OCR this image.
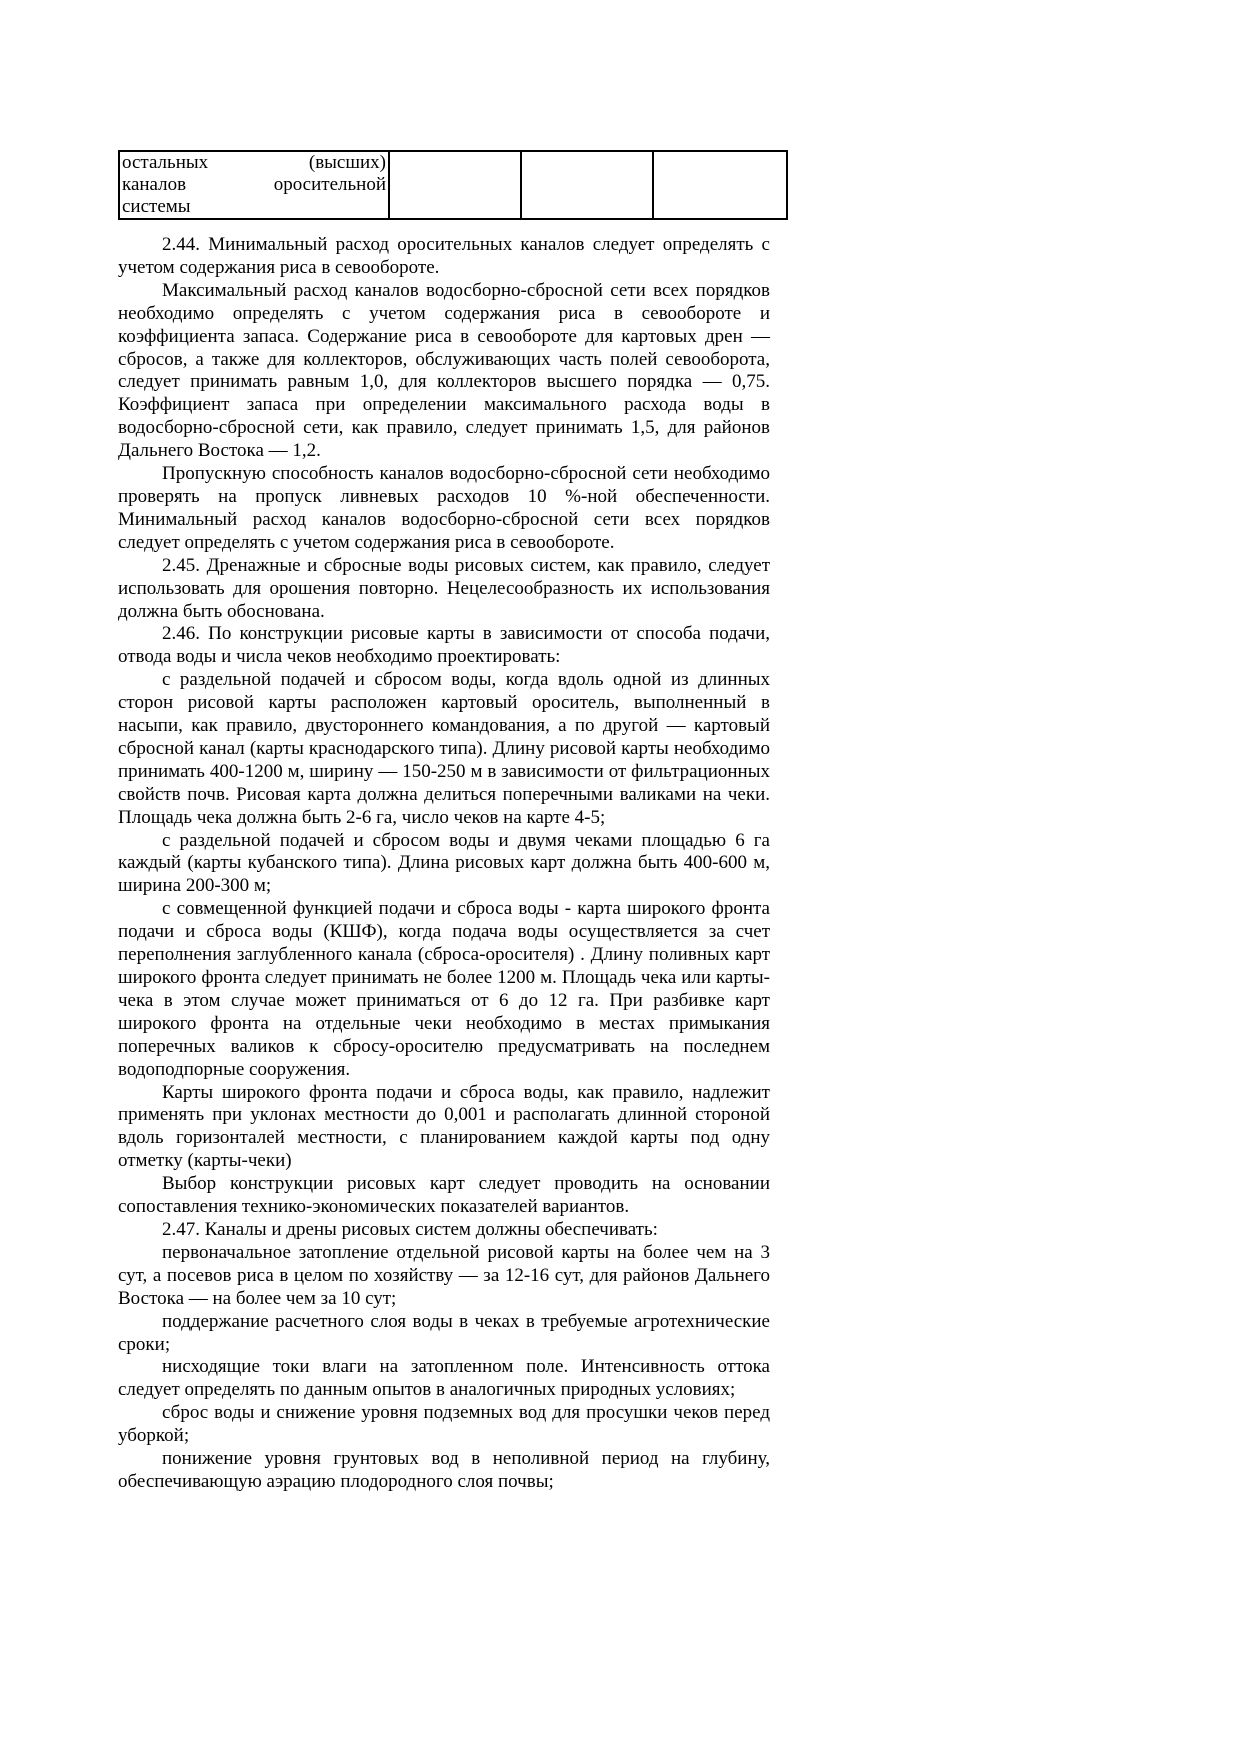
остальных (высших)
каналов оросительной
системы

2.44. Минимальный расход оросительных каналов следует определять с учетом содержания риса в севообороте.

Максимальный расход каналов водосборно-сбросной сети всех порядков необходимо определять с учетом содержания риса в севообороте и коэффициента запаса. Содержание риса в севообороте для картовых дрен — сбросов, а также для коллекторов, обслуживающих часть полей севооборота, следует принимать равным 1,0, для коллекторов высшего порядка — 0,75. Коэффициент запаса при определении максимального расхода воды в водосборно-сбросной сети, как правило, следует принимать 1,5, для районов Дальнего Востока — 1,2.

Пропускную способность каналов водосборно-сбросной сети необходимо проверять на пропуск ливневых расходов 10 %-ной обеспеченности. Минимальный расход каналов водосборно-сбросной сети всех порядков следует определять с учетом содержания риса в севообороте.

2.45. Дренажные и сбросные воды рисовых систем, как правило, следует использовать для орошения повторно. Нецелесообразность их использования должна быть обоснована.

2.46. По конструкции рисовые карты в зависимости от способа подачи, отвода воды и числа чеков необходимо проектировать:

с раздельной подачей и сбросом воды, когда вдоль одной из длинных сторон рисовой карты расположен картовый ороситель, выполненный в насыпи, как правило, двустороннего командования, а по другой — картовый сбросной канал (карты краснодарского типа). Длину рисовой карты необходимо принимать 400-1200 м, ширину — 150-250 м в зависимости от фильтрационных свойств почв. Рисовая карта должна делиться поперечными валиками на чеки. Площадь чека должна быть 2-6 га, число чеков на карте 4-5;

с раздельной подачей и сбросом воды и двумя чеками площадью 6 га каждый (карты кубанского типа). Длина рисовых карт должна быть 400-600 м, ширина 200-300 м;

с совмещенной функцией подачи и сброса воды - карта широкого фронта подачи и сброса воды (КШФ), когда подача воды осуществляется за счет переполнения заглубленного канала (сброса-оросителя) . Длину поливных карт широкого фронта следует принимать не более 1200 м. Площадь чека или карты-чека в этом случае может приниматься от 6 до 12 га. При разбивке карт широкого фронта на отдельные чеки необходимо в местах примыкания поперечных валиков к сбросу-оросителю предусматривать на последнем водоподпорные сооружения.

Карты широкого фронта подачи и сброса воды, как правило, надлежит применять при уклонах местности до 0,001 и располагать длинной стороной вдоль горизонталей местности, с планированием каждой карты под одну отметку (карты-чеки)

Выбор конструкции рисовых карт следует проводить на основании сопоставления технико-экономических показателей вариантов.

2.47. Каналы и дрены рисовых систем должны обеспечивать:

первоначальное затопление отдельной рисовой карты на более чем на 3 сут, а посевов риса в целом по хозяйству — за 12-16 сут, для районов Дальнего Востока — на более чем за 10 сут;

поддержание расчетного слоя воды в чеках в требуемые агротехнические сроки;

нисходящие токи влаги на затопленном поле. Интенсивность оттока следует определять по данным опытов в аналогичных природных условиях;

сброс воды и снижение уровня подземных вод для просушки чеков перед уборкой;

понижение уровня грунтовых вод в неполивной период на глубину, обеспечивающую аэрацию плодородного слоя почвы;
